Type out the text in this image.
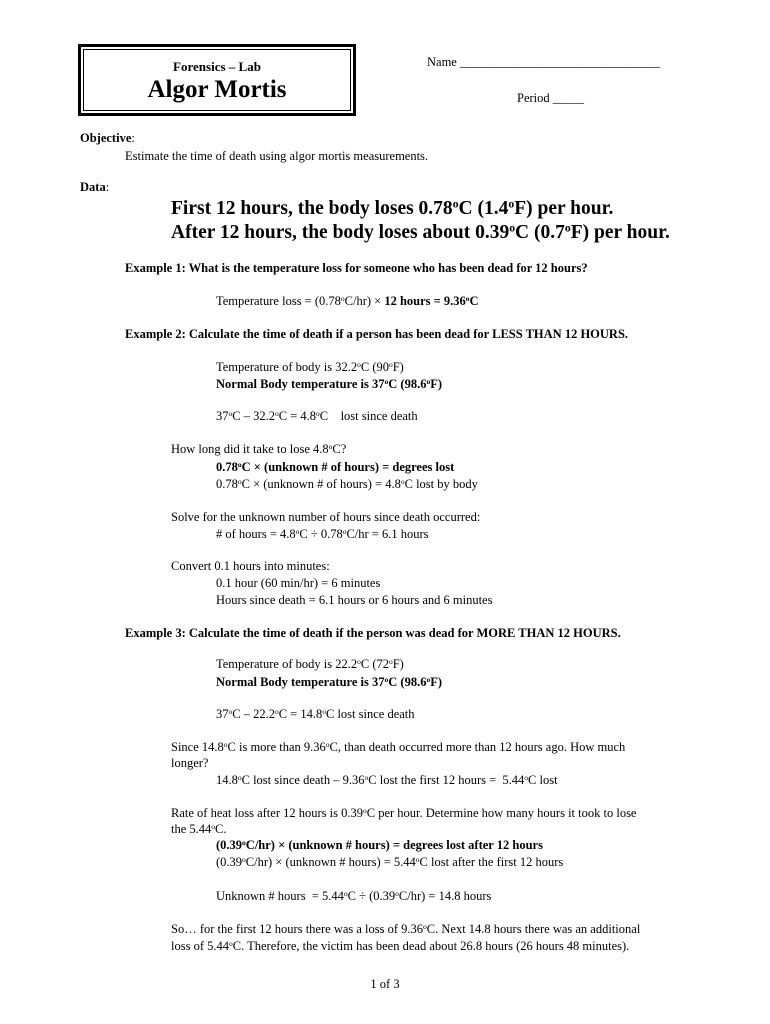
Forensics – Lab
Algor Mortis
Name ________________________________
Period _____
Objective:
Estimate the time of death using algor mortis measurements.
Data:
First 12 hours, the body loses 0.78$^o$C (1.4$^o$F) per hour.
After 12 hours, the body loses about 0.39$^o$C (0.7$^o$F) per hour.
Example 1: What is the temperature loss for someone who has been dead for 12 hours?
Temperature loss = $(0.78^oC/hr) \times 12$ hours = $9.36^oC$
Example 2: Calculate the time of death if a person has been dead for LESS THAN 12 HOURS.
Temperature of body is 32.2$^o$C (90$^o$F)
Normal Body temperature is 37$^o$C (98.6$^o$F)
$37^oC - 32.2^oC = 4.8^oC$    lost since death
How long did it take to lose 4.8$^o$C?
$0.78^oC$ × (unknown # of hours) = degrees lost
$0.78^oC$ × (unknown # of hours) = $4.8^oC$ lost by body
Solve for the unknown number of hours since death occurred:
# of hours = $4.8^oC \div 0.78^oC/hr = 6.1$ hours
Convert 0.1 hours into minutes:
0.1 hour (60 min/hr) = 6 minutes
Hours since death = 6.1 hours or 6 hours and 6 minutes
Example 3: Calculate the time of death if the person was dead for MORE THAN 12 HOURS.
Temperature of body is 22.2$^o$C (72$^o$F)
Normal Body temperature is 37$^o$C (98.6$^o$F)
$37^oC - 22.2^oC = 14.8^oC$ lost since death
Since 14.8$^o$C is more than 9.36$^o$C, than death occurred more than 12 hours ago. How much
longer?
14.8$^o$C lost since death – 9.36$^o$C lost the first 12 hours =  5.44$^o$C lost
Rate of heat loss after 12 hours is 0.39$^o$C per hour. Determine how many hours it took to lose
the 5.44$^o$C.
$(0.39^oC/hr)$ × (unknown # hours) = degrees lost after 12 hours
$(0.39^oC/hr)$ × (unknown # hours) = $5.44^oC$ lost after the first 12 hours
Unknown # hours  = $5.44^oC \div (0.39^oC/hr) = 14.8$ hours
So… for the first 12 hours there was a loss of 9.36$^o$C. Next 14.8 hours there was an additional
loss of 5.44$^o$C. Therefore, the victim has been dead about 26.8 hours (26 hours 48 minutes).
1 of 3
